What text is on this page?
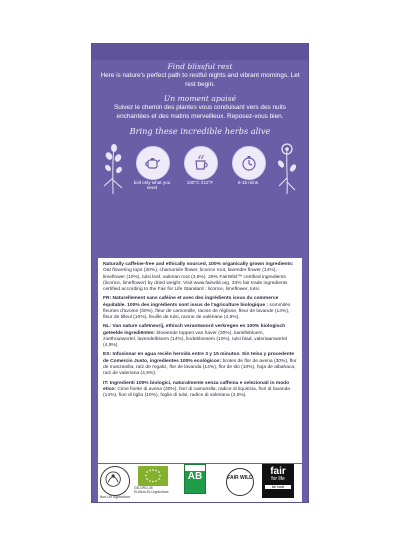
Find blissful rest

Here is nature's perfect path to restful nights and vibrant mornings. Let rest begin.

Un moment apaisé

Suivez le chemin des plantes vous conduisant vers des nuits enchantées et des matins merveilleux. Reposez-vous bien.

Bring these incredible herbs alive

boil only what you need
100°C 212°F	5-15 mins

Naturally caffeine-free and ethically sourced, 100% organically grown ingredients: Oat flowering tops (30%), chamomile flower, licorice root, lavender flower (14%), limeflower (10%), tulsi leaf, valerian root (4,9%). 28% FairWild™ certified ingredients (licorice, limeflower) by dried weight. Visit www.fairwild.org. 33% fair trade ingredients certified according to the Fair for Life Standard : licorice, limeflower, tulsi.

FR: Naturellement sans caféine et avec des ingrédients issus du commerce équitable. 100% des ingrédients sont issus de l'agriculture biologique : sommités fleuries d'avoine (30%), fleur de camomille, racine de réglisse, fleur de lavande (14%), fleur de tilleul (10%), feuille de tulsi, racine de valériane (4,9%).

NL: Van nature cafeïnevrij, ethisch verantwoord verkregen en 100% biologisch geteelde ingrediënten: bloeiende toppen van haver (30%), kamillebloem, zoethoutwortel, lavendelbloem (14%), lindebloesem (10%), tulsi blad, valeriaanwortel (4,9%).

ES: Infusionar en agua recién hervida entre 3 y 15 minutos. Sin teína y procedente de Comercio Justo, ingredientes 100% ecológicos: brotes de flor de avena (30%), flor de manzanilla, raíz de regaliz, flor de lavanda (14%), flor de tilo (10%), hoja de albahaca, raíz de valeriana (4,9%).

IT: Ingredienti 100% biologici, naturalmente senza caffeina e selezionati in modo etico: Cime fiorite di avena (30%), fiori di camomilla, radice di liquirizia, fiori di lavanda (14%), fiori di tiglio (10%), foglie di tulsi, radice di valeriana (4,9%).

Non-UK Agriculture
GB-ORG-05
EU/Non-EU Agriculture
AB	FAIR WILD
fair
for life
fair trade
